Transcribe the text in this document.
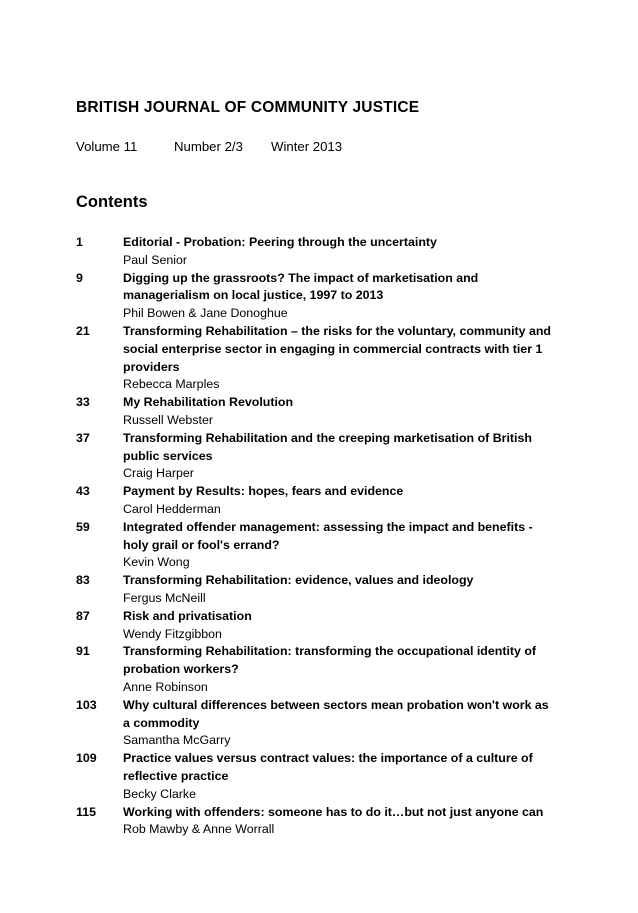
BRITISH JOURNAL OF COMMUNITY JUSTICE
Volume 11	Number 2/3 Winter 2013
Contents
1	Editorial - Probation: Peering through the uncertainty
Paul Senior
9	Digging up the grassroots? The impact of marketisation and managerialism on local justice, 1997 to 2013
Phil Bowen & Jane Donoghue
21	Transforming Rehabilitation – the risks for the voluntary, community and social enterprise sector in engaging in commercial contracts with tier 1 providers
Rebecca Marples
33	My Rehabilitation Revolution
Russell Webster
37	Transforming Rehabilitation and the creeping marketisation of British public services
Craig Harper
43	Payment by Results: hopes, fears and evidence
Carol Hedderman
59	Integrated offender management: assessing the impact and benefits - holy grail or fool's errand?
Kevin Wong
83	Transforming Rehabilitation: evidence, values and ideology
Fergus McNeill
87	Risk and privatisation
Wendy Fitzgibbon
91	Transforming Rehabilitation: transforming the occupational identity of probation workers?
Anne Robinson
103 Why cultural differences between sectors mean probation won't work as a commodity
Samantha McGarry
109 Practice values versus contract values: the importance of a culture of reflective practice
Becky Clarke
115 Working with offenders: someone has to do it…but not just anyone can
Rob Mawby & Anne Worrall
